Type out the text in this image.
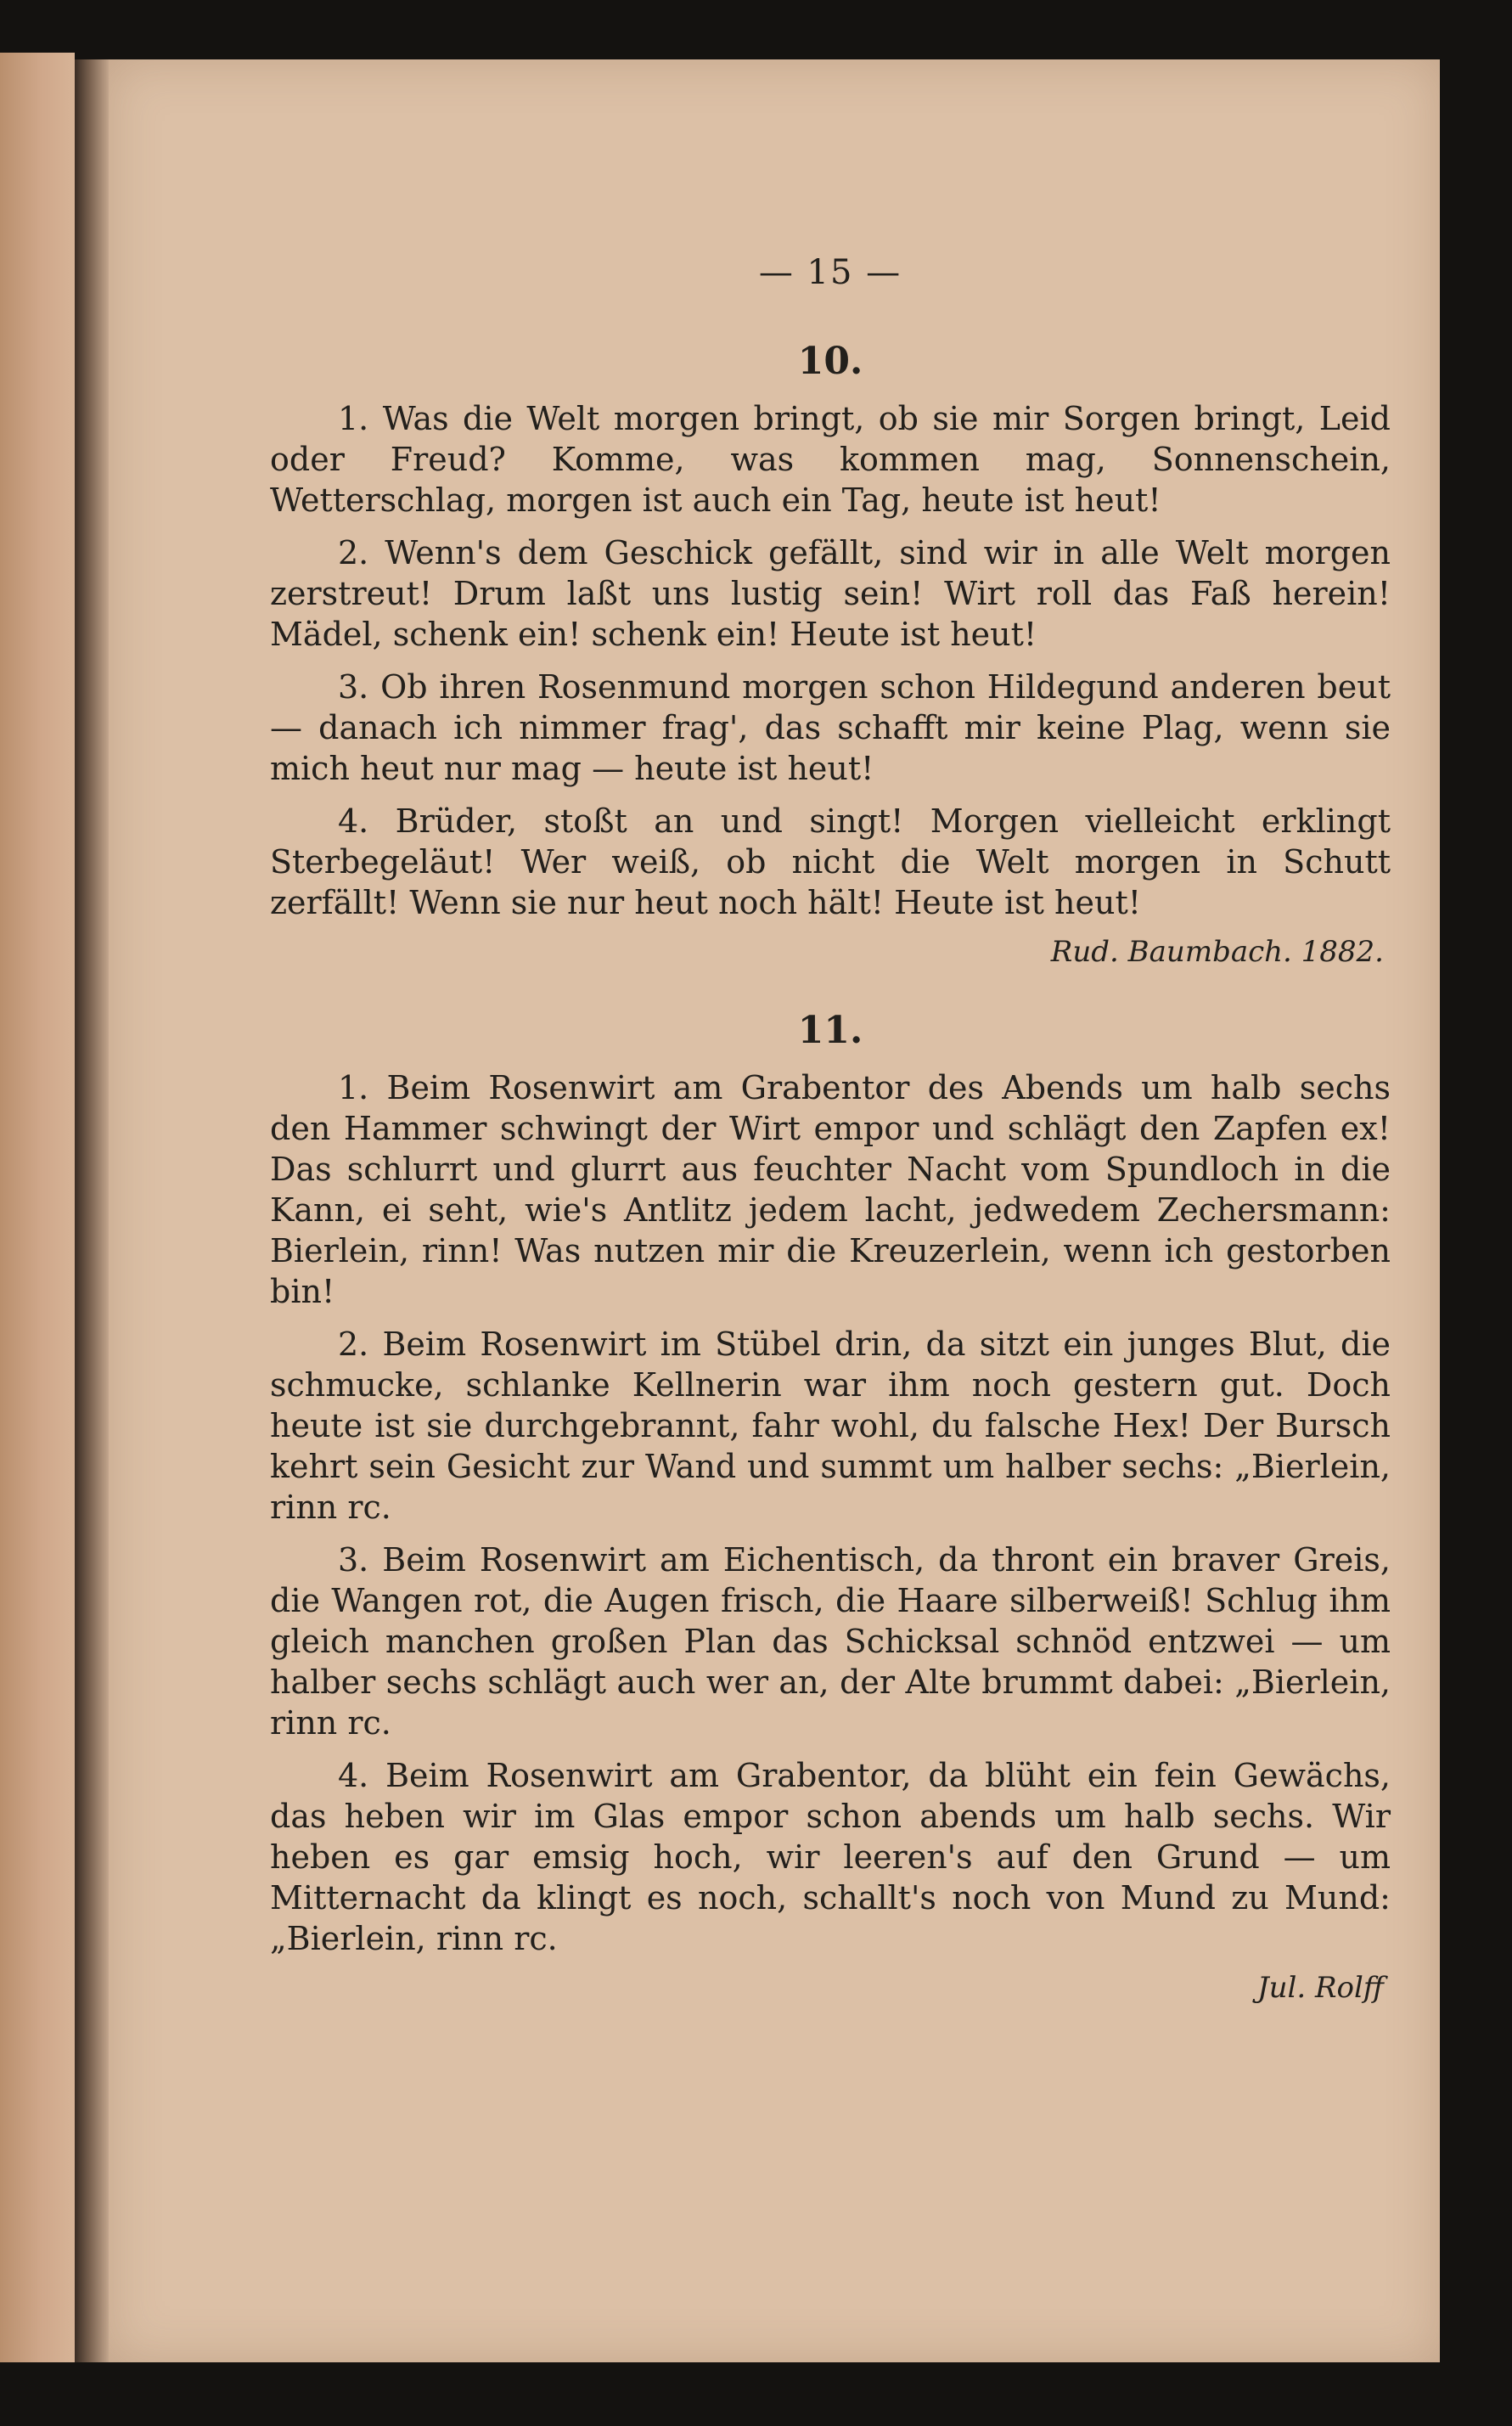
— 15 —
10.

1. Was die Welt morgen bringt, ob sie mir Sorgen bringt, Leid oder Freud? Komme, was kommen mag, Sonnenschein, Wetterschlag, morgen ist auch ein Tag, heute ist heut!

2. Wenn's dem Geschick gefällt, sind wir in alle Welt morgen zerstreut! Drum laßt uns lustig sein! Wirt roll das Faß herein! Mädel, schenk ein! schenk ein! Heute ist heut!

3. Ob ihren Rosenmund morgen schon Hildegund anderen beut — danach ich nimmer frag', das schafft mir keine Plag, wenn sie mich heut nur mag — heute ist heut!

4. Brüder, stoßt an und singt! Morgen vielleicht erklingt Sterbegeläut! Wer weiß, ob nicht die Welt morgen in Schutt zerfällt! Wenn sie nur heut noch hält! Heute ist heut!

Rud. Baumbach. 1882.
11.

1. Beim Rosenwirt am Grabentor des Abends um halb sechs den Hammer schwingt der Wirt empor und schlägt den Zapfen ex! Das schlurrt und glurrt aus feuchter Nacht vom Spundloch in die Kann, ei seht, wie's Antlitz jedem lacht, jedwedem Zechersmann: Bierlein, rinn! Was nutzen mir die Kreuzerlein, wenn ich gestorben bin!

2. Beim Rosenwirt im Stübel drin, da sitzt ein junges Blut, die schmucke, schlanke Kellnerin war ihm noch gestern gut. Doch heute ist sie durchgebrannt, fahr wohl, du falsche Hex! Der Bursch kehrt sein Gesicht zur Wand und summt um halber sechs: „Bierlein, rinn rc.

3. Beim Rosenwirt am Eichentisch, da thront ein braver Greis, die Wangen rot, die Augen frisch, die Haare silberweiß! Schlug ihm gleich manchen großen Plan das Schicksal schnöd entzwei — um halber sechs schlägt auch wer an, der Alte brummt dabei: „Bierlein, rinn rc.

4. Beim Rosenwirt am Grabentor, da blüht ein fein Gewächs, das heben wir im Glas empor schon abends um halb sechs. Wir heben es gar emsig hoch, wir leeren's auf den Grund — um Mitternacht da klingt es noch, schallt's noch von Mund zu Mund: „Bierlein, rinn rc.

Jul. Rolff
